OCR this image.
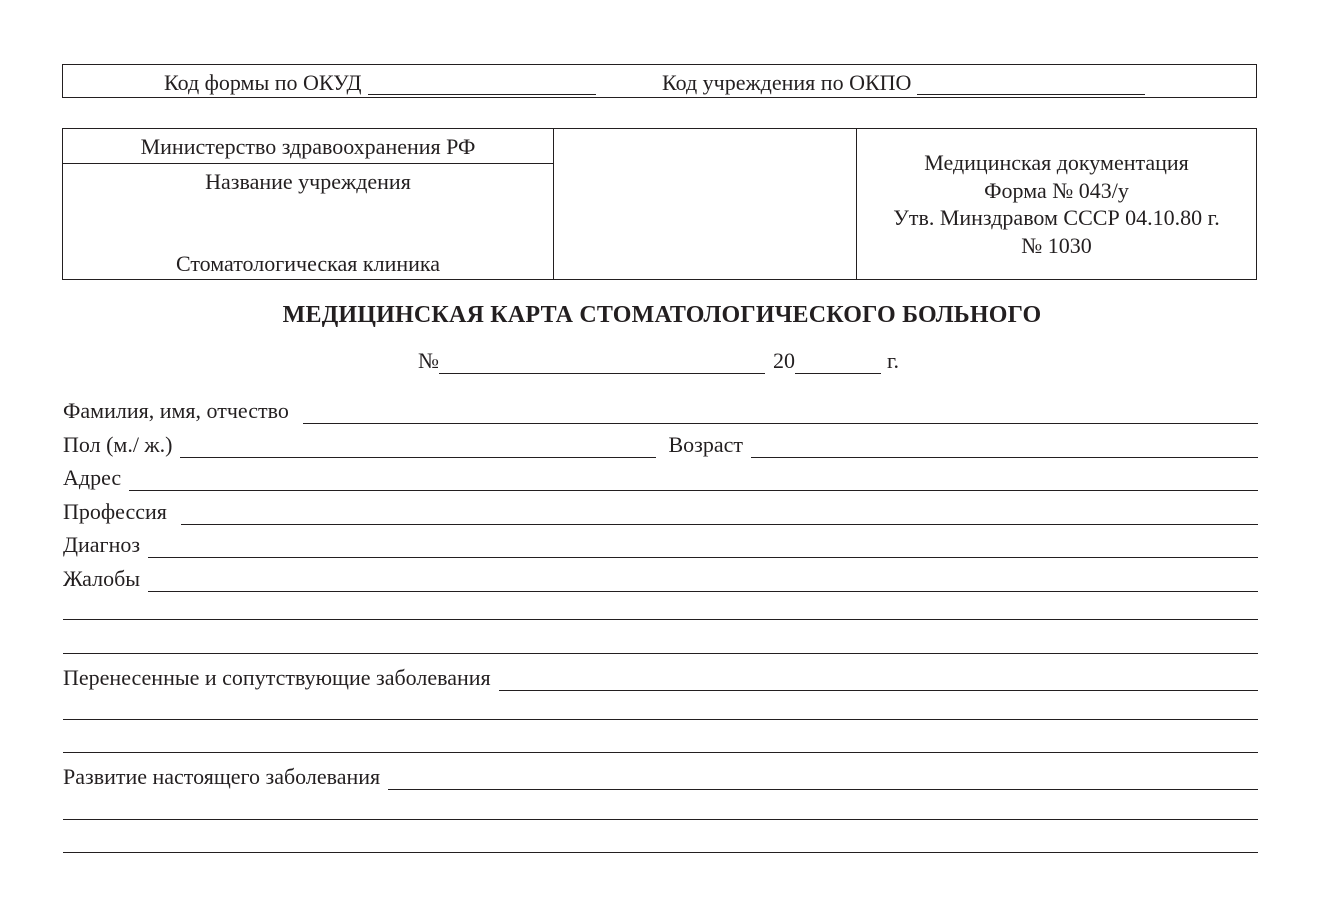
Код формы по ОКУД	Код учреждения по ОКПО
Министерство здравоохранения РФ
Название учреждения
Стоматологическая клиника
Медицинская документация
Форма № 043/у
Утв. Минздравом СССР 04.10.80 г.
№ 1030
МЕДИЦИНСКАЯ КАРТА СТОМАТОЛОГИЧЕСКОГО БОЛЬНОГО
№	20	г.
Фамилия, имя, отчество
Пол (м./ ж.)	Возраст
Адрес
Профессия
Диагноз
Жалобы
Перенесенные и сопутствующие заболевания
Развитие настоящего заболевания
